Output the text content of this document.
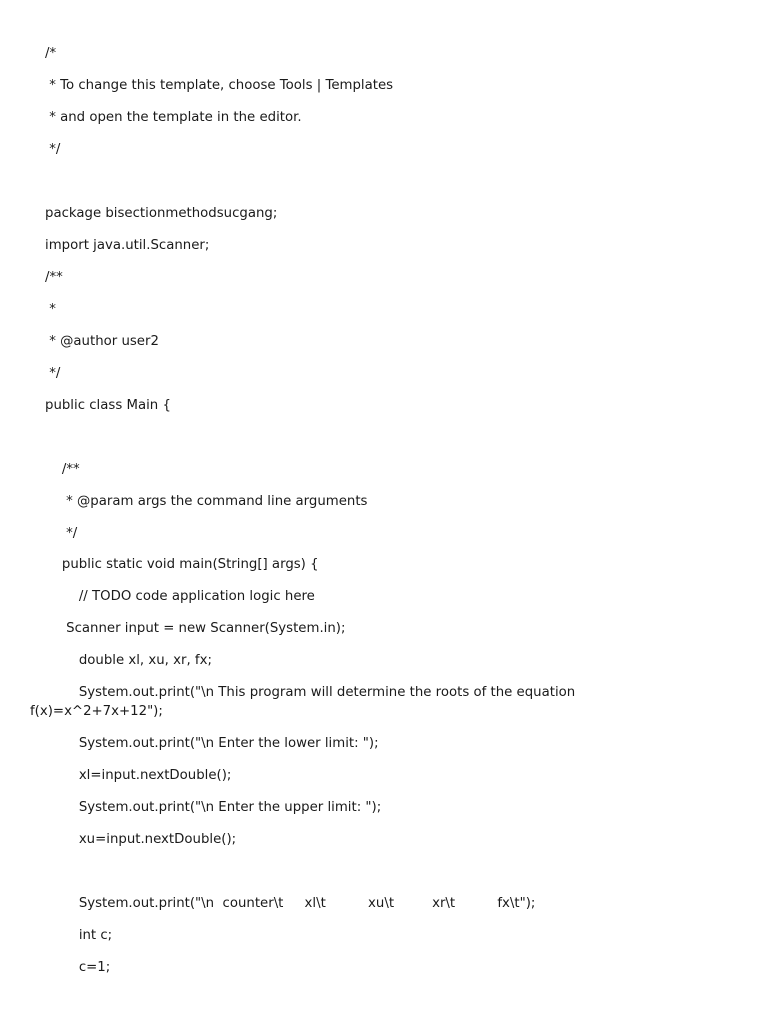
/*
* To change this template, choose Tools | Templates
* and open the template in the editor.
*/
package bisectionmethodsucgang;
import java.util.Scanner;
/**
*
* @author user2
*/
public class Main {
/**
* @param args the command line arguments
*/
public static void main(String[] args) {
// TODO code application logic here
Scanner input = new Scanner(System.in);
double xl, xu, xr, fx;
System.out.print("\n This program will determine the roots of the equation
f(x)=x^2+7x+12");
System.out.print("\n Enter the lower limit: ");
xl=input.nextDouble();
System.out.print("\n Enter the upper limit: ");
xu=input.nextDouble();
System.out.print("\n  counter\t     xl\t          xu\t         xr\t          fx\t");
int c;
c=1;
